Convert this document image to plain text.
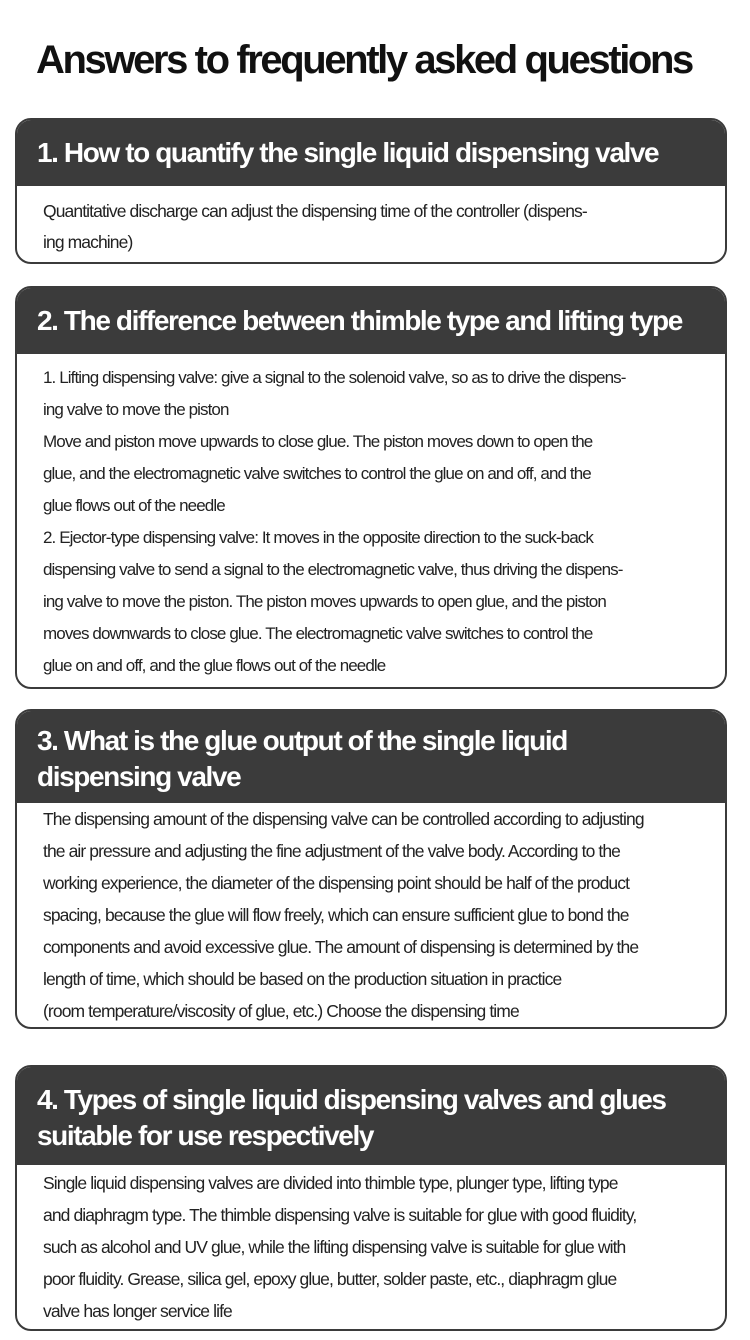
Answers to frequently asked questions
1. How to quantify the single liquid dispensing valve
Quantitative discharge can adjust the dispensing time of the controller (dispens-
ing machine)
2. The difference between thimble type and lifting type
1. Lifting dispensing valve: give a signal to the solenoid valve, so as to drive the dispens-
ing valve to move the piston
Move and piston move upwards to close glue. The piston moves down to open the
glue, and the electromagnetic valve switches to control the glue on and off, and the
glue flows out of the needle
2. Ejector-type dispensing valve: It moves in the opposite direction to the suck-back
dispensing valve to send a signal to the electromagnetic valve, thus driving the dispens-
ing valve to move the piston. The piston moves upwards to open glue, and the piston
moves downwards to close glue. The electromagnetic valve switches to control the
glue on and off, and the glue flows out of the needle
3. What is the glue output of the single liquid dispensing valve
The dispensing amount of the dispensing valve can be controlled according to adjusting
the air pressure and adjusting the fine adjustment of the valve body. According to the
working experience, the diameter of the dispensing point should be half of the product
spacing, because the glue will flow freely, which can ensure sufficient glue to bond the
components and avoid excessive glue. The amount of dispensing is determined by the
length of time, which should be based on the production situation in practice
(room temperature/viscosity of glue, etc.) Choose the dispensing time
4. Types of single liquid dispensing valves and glues suitable for use respectively
Single liquid dispensing valves are divided into thimble type, plunger type, lifting type
and diaphragm type. The thimble dispensing valve is suitable for glue with good fluidity,
such as alcohol and UV glue, while the lifting dispensing valve is suitable for glue with
poor fluidity. Grease, silica gel, epoxy glue, butter, solder paste, etc., diaphragm glue
valve has longer service life
